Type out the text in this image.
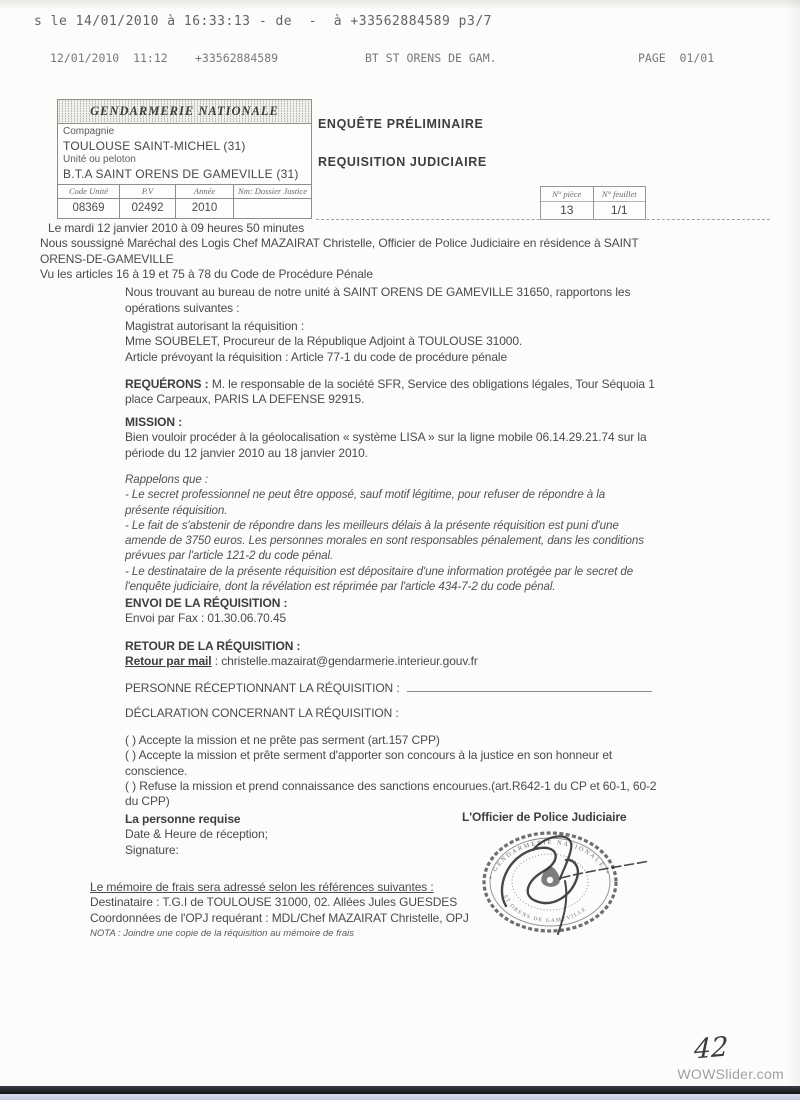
s le 14/01/2010 à 16:33:13 - de  -  à +33562884589 p3/7
12/01/2010  11:12 +33562884589	BT ST ORENS DE GAM.	PAGE  01/01
GENDARMERIE NATIONALE
Compagnie
TOULOUSE SAINT-MICHEL (31)
Unité ou peloton
B.T.A SAINT ORENS DE GAMEVILLE (31)
Code Unité
08369
P.V
02492
Année
2010
Nm: Dossier Justice
ENQUÊTE PRÉLIMINAIRE
REQUISITION JUDICIAIRE
N° pièce
13
N° feuillet
1/1
Le mardi 12 janvier 2010 à 09 heures 50 minutes
Nous soussigné Maréchal des Logis Chef MAZAIRAT Christelle, Officier de Police Judiciaire en résidence à SAINT
ORENS-DE-GAMEVILLE
Vu les articles 16 à 19 et 75 à 78 du Code de Procédure Pénale
Nous trouvant au bureau de notre unité à SAINT ORENS DE GAMEVILLE 31650, rapportons les
opérations suivantes :
Magistrat autorisant la réquisition :
Mme SOUBELET, Procureur de la République Adjoint à TOULOUSE 31000.
Article prévoyant la réquisition : Article 77-1 du code de procédure pénale
REQUÉRONS : M. le responsable de la société SFR, Service des obligations légales, Tour Séquoia 1
place Carpeaux, PARIS LA DEFENSE 92915.
MISSION :
Bien vouloir procéder à la géolocalisation « système LISA » sur la ligne mobile 06.14.29.21.74 sur la
période du 12 janvier 2010 au 18 janvier 2010.
Rappelons que :
- Le secret professionnel ne peut être opposé, sauf motif légitime, pour refuser de répondre à la
présente réquisition.
- Le fait de s'abstenir de répondre dans les meilleurs délais à la présente réquisition est puni d'une
amende de 3750 euros. Les personnes morales en sont responsables pénalement, dans les conditions
prévues par l'article 121-2 du code pénal.
- Le destinataire de la présente réquisition est dépositaire d'une information protégée par le secret de
l'enquête judiciaire, dont la révélation est réprimée par l'article 434-7-2 du code pénal.
ENVOI DE LA RÉQUISITION :
Envoi par Fax : 01.30.06.70.45
RETOUR DE LA RÉQUISITION :
Retour par mail : christelle.mazairat@gendarmerie.interieur.gouv.fr
PERSONNE RÉCEPTIONNANT LA RÉQUISITION :
DÉCLARATION CONCERNANT LA RÉQUISITION :
( ) Accepte la mission et ne prête pas serment (art.157 CPP)
( ) Accepte la mission et prête serment d'apporter son concours à la justice en son honneur et
conscience.
( ) Refuse la mission et prend connaissance des sanctions encourues.(art.R642-1 du CP et 60-1, 60-2
du CPP)
La personne requise
Date & Heure de réception;
Signature:
L'Officier de Police Judiciaire
* GENDARMERIE NATIONALE *
ST ORENS DE GAMEVILLE
Le mémoire de frais sera adressé selon les références suivantes :
Destinataire : T.G.I de TOULOUSE 31000, 02. Allées Jules GUESDES
Coordonnées de l'OPJ requérant : MDL/Chef MAZAIRAT Christelle, OPJ
NOTA : Joindre une copie de la réquisition au mémoire de frais
42
WOWSlider.com
